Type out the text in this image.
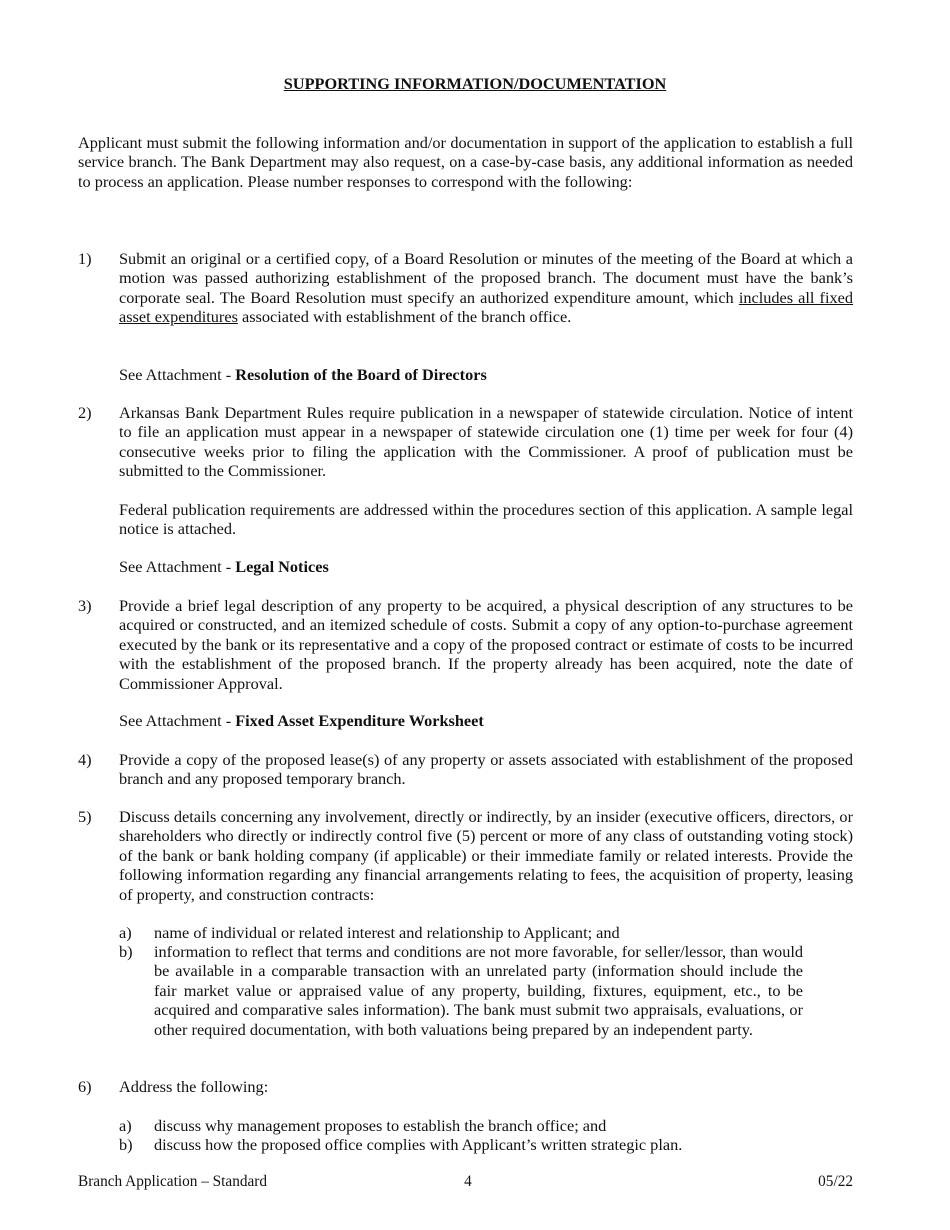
SUPPORTING INFORMATION/DOCUMENTATION

Applicant must submit the following information and/or documentation in support of the application to establish a full service branch. The Bank Department may also request, on a case-by-case basis, any additional information as needed to process an application. Please number responses to correspond with the following:

1)	Submit an original or a certified copy, of a Board Resolution or minutes of the meeting of the Board at which a motion was passed authorizing establishment of the proposed branch. The document must have the bank’s corporate seal. The Board Resolution must specify an authorized expenditure amount, which includes all fixed asset expenditures associated with establishment of the branch office.

See Attachment - Resolution of the Board of Directors

2)	Arkansas Bank Department Rules require publication in a newspaper of statewide circulation. Notice of intent to file an application must appear in a newspaper of statewide circulation one (1) time per week for four (4) consecutive weeks prior to filing the application with the Commissioner. A proof of publication must be submitted to the Commissioner.

Federal publication requirements are addressed within the procedures section of this application. A sample legal notice is attached.

See Attachment - Legal Notices

3)	Provide a brief legal description of any property to be acquired, a physical description of any structures to be acquired or constructed, and an itemized schedule of costs. Submit a copy of any option-to-purchase agreement executed by the bank or its representative and a copy of the proposed contract or estimate of costs to be incurred with the establishment of the proposed branch. If the property already has been acquired, note the date of Commissioner Approval.

See Attachment - Fixed Asset Expenditure Worksheet

4)	Provide a copy of the proposed lease(s) of any property or assets associated with establishment of the proposed branch and any proposed temporary branch.

5)	Discuss details concerning any involvement, directly or indirectly, by an insider (executive officers, directors, or shareholders who directly or indirectly control five (5) percent or more of any class of outstanding voting stock) of the bank or bank holding company (if applicable) or their immediate family or related interests. Provide the following information regarding any financial arrangements relating to fees, the acquisition of property, leasing of property, and construction contracts:

a) name of individual or related interest and relationship to Applicant; and

b) information to reflect that terms and conditions are not more favorable, for seller/lessor, than would be available in a comparable transaction with an unrelated party (information should include the fair market value or appraised value of any property, building, fixtures, equipment, etc., to be acquired and comparative sales information). The bank must submit two appraisals, evaluations, or other required documentation, with both valuations being prepared by an independent party.

6)	Address the following:

a) discuss why management proposes to establish the branch office; and

b) discuss how the proposed office complies with Applicant’s written strategic plan.

Branch Application – Standard	4	05/22
